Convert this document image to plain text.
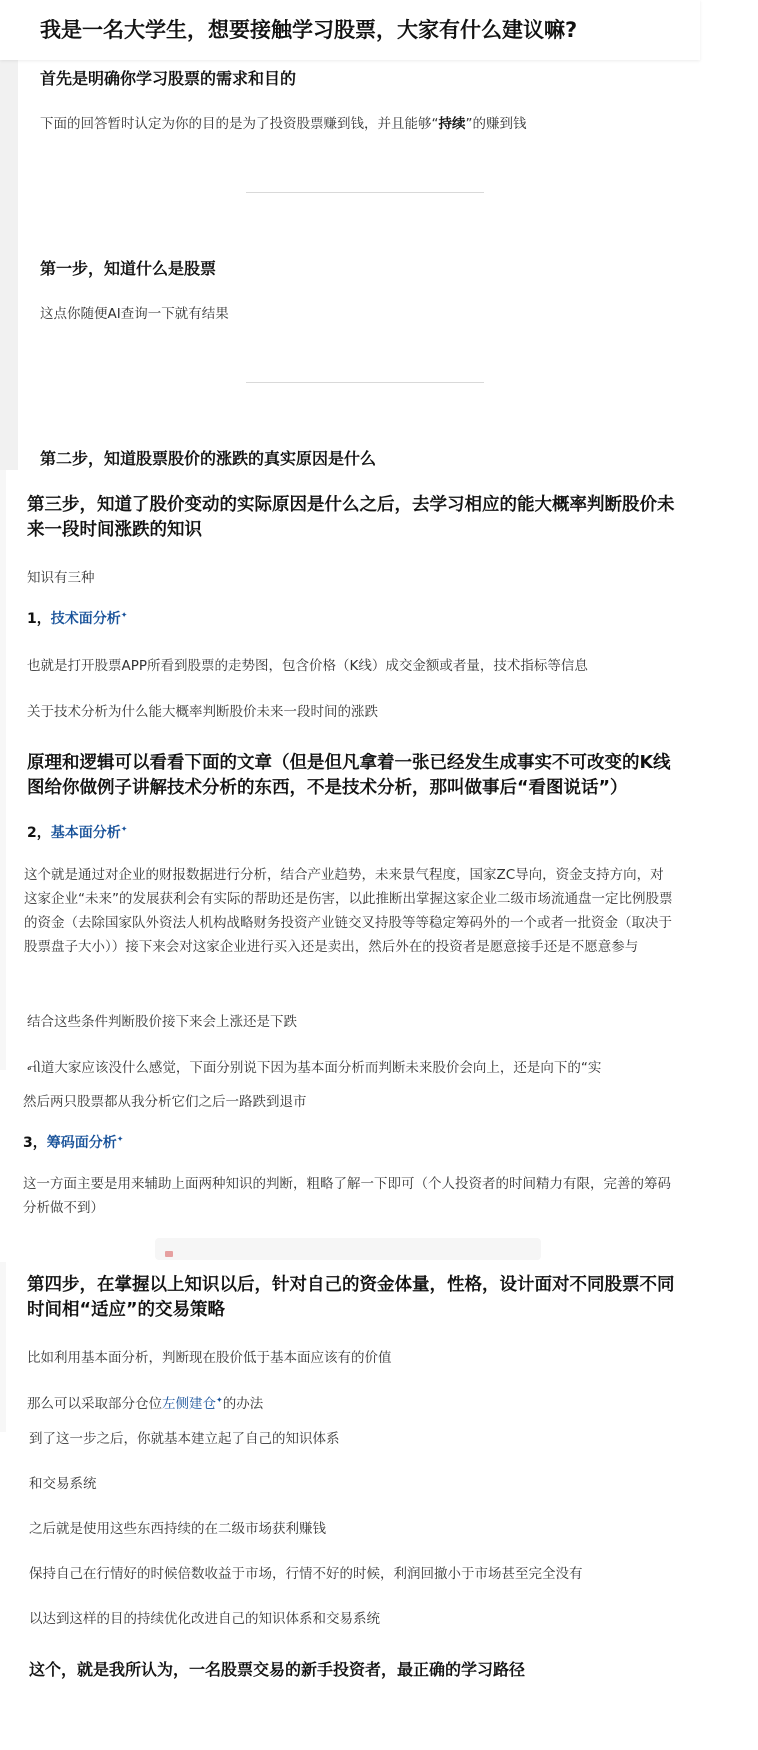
我是一名大学生，想要接触学习股票，大家有什么建议嘛?
首先是明确你学习股票的需求和目的
下面的回答暂时认定为你的目的是为了投资股票赚到钱，并且能够“持续”的赚到钱
第一步，知道什么是股票
这点你随便AI查询一下就有结果
第二步，知道股票股价的涨跌的真实原因是什么
第三步，知道了股价变动的实际原因是什么之后，去学习相应的能大概率判断股价未来一段时间涨跌的知识
知识有三种
1，技术面分析✦
也就是打开股票APP所看到股票的走势图，包含价格（K线）成交金额或者量，技术指标等信息
关于技术分析为什么能大概率判断股价未来一段时间的涨跌
原理和逻辑可以看看下面的文章（但是但凡拿着一张已经发生成事实不可改变的K线图给你做例子讲解技术分析的东西，不是技术分析，那叫做事后“看图说话”）
2，基本面分析✦
这个就是通过对企业的财报数据进行分析，结合产业趋势，未来景气程度，国家ZC导向，资金支持方向，对这家企业“未来”的发展获利会有实际的帮助还是伤害，以此推断出掌握这家企业二级市场流通盘一定比例股票的资金（去除国家队外资法人机构战略财务投资产业链交叉持股等等稳定筹码外的一个或者一批资金（取决于股票盘子大小））接下来会对这家企业进行买入还是卖出，然后外在的投资者是愿意接手还是不愿意参与
结合这些条件判断股价接下来会上涨还是下跌
ની道大家应该没什么感觉，下面分别说下因为基本面分析而判断未来股价会向上，还是向下的“实
然后两只股票都从我分析它们之后一路跌到退市
3，筹码面分析✦
这一方面主要是用来辅助上面两种知识的判断，粗略了解一下即可（个人投资者的时间精力有限，完善的筹码分析做不到）
第四步，在掌握以上知识以后，针对自己的资金体量，性格，设计面对不同股票不同时间相“适应”的交易策略
比如利用基本面分析，判断现在股价低于基本面应该有的价值
那么可以采取部分仓位左侧建仓✦的办法
到了这一步之后，你就基本建立起了自己的知识体系
和交易系统
之后就是使用这些东西持续的在二级市场获利赚钱
保持自己在行情好的时候倍数收益于市场，行情不好的时候，利润回撤小于市场甚至完全没有
以达到这样的目的持续优化改进自己的知识体系和交易系统
这个，就是我所认为，一名股票交易的新手投资者，最正确的学习路径
